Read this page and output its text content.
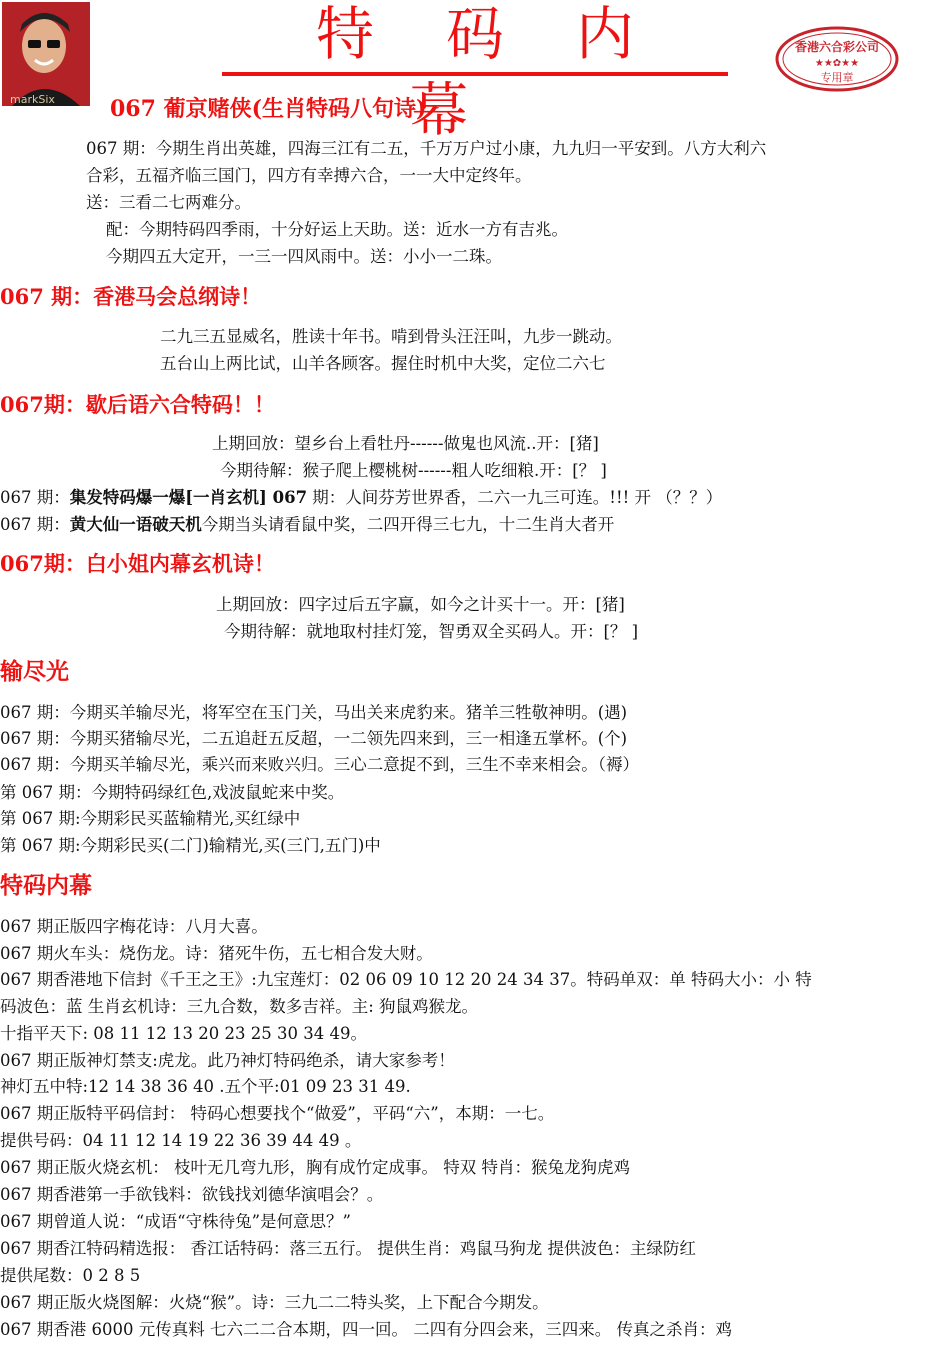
markSix
特码内幕
香港六合彩公司
★★✿★★
专用章
067 葡京赌侠(生肖特码八句诗)
067 期：今期生肖出英雄，四海三江有二五，千万万户过小康，九九归一平安到。八方大利六
合彩，五福齐临三国门，四方有幸搏六合，一一大中定终年。
送：三看二七两难分。
配：今期特码四季雨，十分好运上天助。送：近水一方有吉兆。
今期四五大定开，一三一四风雨中。送：小小一二珠。
067 期：香港马会总纲诗！
二九三五显威名，胜读十年书。啃到骨头汪汪叫，九步一跳动。
五台山上两比试，山羊各顾客。握住时机中大奖，定位二六七
067期：歇后语六合特码！！
上期回放：望乡台上看牡丹------做鬼也风流..开：[猪]
今期待解：猴子爬上樱桃树------粗人吃细粮.开：[？ ]
067 期：集发特码爆一爆[一肖玄机] 067 期：人间芬芳世界香，二六一九三可连。!!! 开 （？？）
067 期：黄大仙一语破天机今期当头请看鼠中奖，二四开得三七九，十二生肖大者开
067期：白小姐内幕玄机诗！
上期回放：四字过后五字赢，如今之计买十一。开：[猪]
今期待解：就地取村挂灯笼，智勇双全买码人。开：[？ ]
输尽光
067 期：今期买羊输尽光，将军空在玉门关，马出关来虎豹来。猪羊三牲敬神明。(遇)
067 期：今期买猪输尽光，二五追赶五反超，一二领先四来到，三一相逢五掌杯。(个)
067 期：今期买羊输尽光，乘兴而来败兴归。三心二意捉不到，三生不幸来相会。（褥）
第 067 期：今期特码绿红色,戏波鼠蛇来中奖。
第 067 期:今期彩民买蓝输精光,买红绿中
第 067 期:今期彩民买(二门)输精光,买(三门,五门)中
特码内幕
067 期正版四字梅花诗：八月大喜。
067 期火车头：烧伤龙。诗：猪死牛伤，五七相合发大财。
067 期香港地下信封《千王之王》:九宝莲灯：02 06 09 10 12 20 24 34 37。特码单双：单 特码大小：小 特
码波色：蓝 生肖玄机诗：三九合数，数多吉祥。主: 狗鼠鸡猴龙。
十指平天下: 08 11 12 13 20 23 25 30 34 49。
067 期正版神灯禁支:虎龙。此乃神灯特码绝杀，请大家参考！
神灯五中特:12 14 38 36 40 .五个平:01 09 23 31 49.
067 期正版特平码信封： 特码心想要找个“做爱”，平码“六”，本期：一七。
提供号码：04 11 12 14 19 22 36 39 44 49 。
067 期正版火烧玄机： 枝叶无几弯九形，胸有成竹定成事。 特双 特肖：猴兔龙狗虎鸡
067 期香港第一手欲钱料：欲钱找刘德华演唱会？。
067 期曾道人说：“成语“守株待兔”是何意思？”
067 期香江特码精选报： 香江话特码：落三五行。 提供生肖：鸡鼠马狗龙 提供波色：主绿防红
提供尾数：0 2 8 5
067 期正版火烧图解：火烧“猴”。诗：三九二二特头奖，上下配合今期发。
067 期香港 6000 元传真料 七六二二合本期，四一回。 二四有分四会来，三四来。 传真之杀肖：鸡
